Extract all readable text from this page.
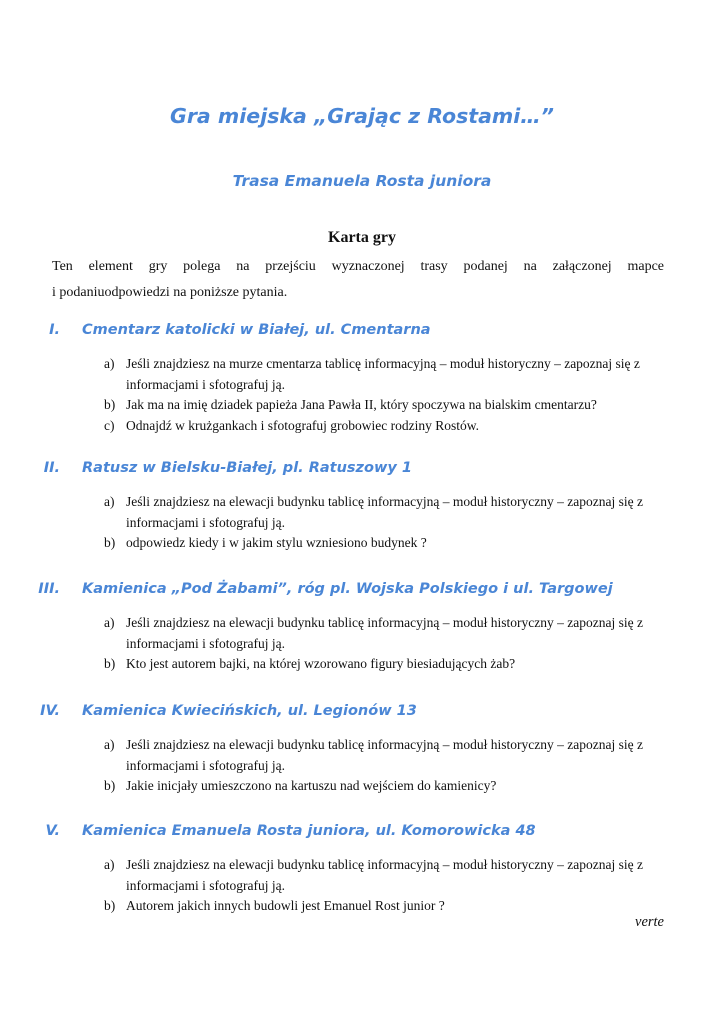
Gra miejska „Grając z Rostami…”
Trasa Emanuela Rosta juniora
Karta gry
Ten element gry polega na przejściu wyznaczonej trasy podanej na załączonej mapce
i podaniuodpowiedzi na poniższe pytania.
I. Cmentarz katolicki w Białej, ul. Cmentarna
a) Jeśli znajdziesz na murze cmentarza tablicę informacyjną – moduł historyczny – zapoznaj się z informacjami i sfotografuj ją.
b) Jak ma na imię dziadek papieża Jana Pawła II, który spoczywa na bialskim cmentarzu?
c) Odnajdź w krużgankach i sfotografuj grobowiec rodziny Rostów.
II. Ratusz w Bielsku-Białej, pl. Ratuszowy 1
a) Jeśli znajdziesz na elewacji budynku tablicę informacyjną – moduł historyczny – zapoznaj się z informacjami i sfotografuj ją.
b) odpowiedz kiedy i w jakim stylu wzniesiono budynek ?
III. Kamienica „Pod Żabami”, róg pl. Wojska Polskiego i ul. Targowej
a) Jeśli znajdziesz na elewacji budynku tablicę informacyjną – moduł historyczny – zapoznaj się z informacjami i sfotografuj ją.
b) Kto jest autorem bajki, na której wzorowano figury biesiadujących żab?
IV. Kamienica Kwiecińskich, ul. Legionów 13
a) Jeśli znajdziesz na elewacji budynku tablicę informacyjną – moduł historyczny – zapoznaj się z informacjami i sfotografuj ją.
b) Jakie inicjały umieszczono na kartuszu nad wejściem do kamienicy?
V. Kamienica Emanuela Rosta juniora, ul. Komorowicka 48
a) Jeśli znajdziesz na elewacji budynku tablicę informacyjną – moduł historyczny – zapoznaj się z informacjami i sfotografuj ją.
b) Autorem jakich innych budowli jest Emanuel Rost junior ?
verte
